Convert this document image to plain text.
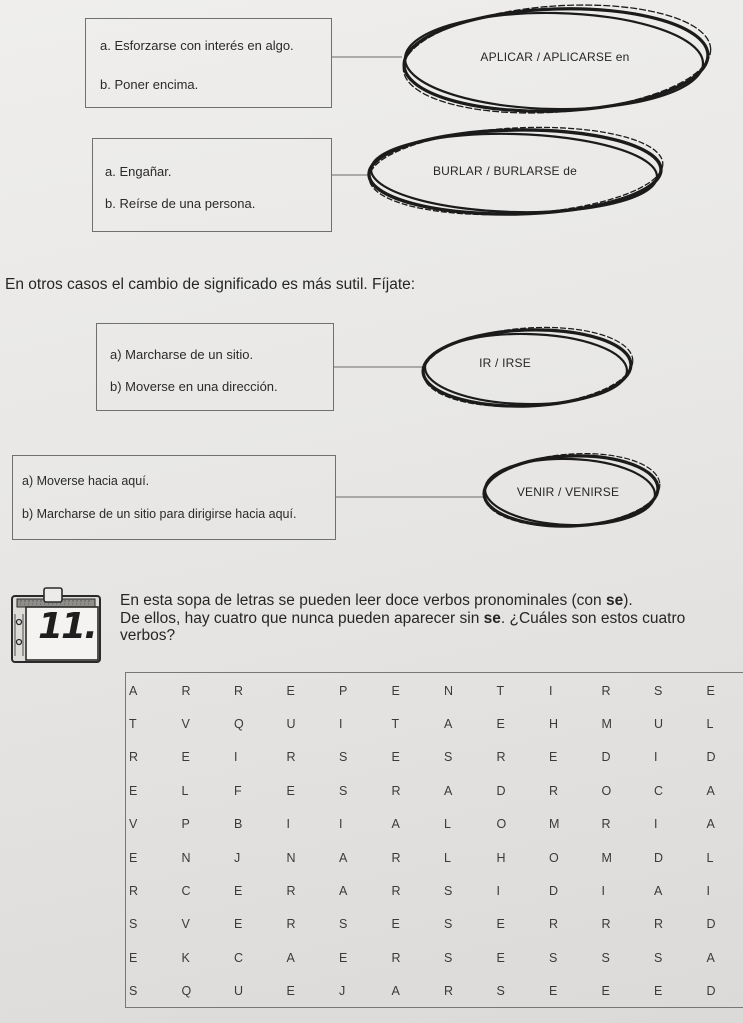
a. Esforzarse con interés en algo.
b. Poner encima.
APLICAR / APLICARSE en
a. Engañar.
b. Reírse de una persona.
BURLAR / BURLARSE de
En otros casos el cambio de significado es más sutil. Fíjate:
a) Marcharse de un sitio.
b) Moverse en una dirección.
IR / IRSE
a) Moverse hacia aquí.
b) Marcharse de un sitio para dirigirse hacia aquí.
VENIR / VENIRSE
11.
En esta sopa de letras se pueden leer doce verbos pronominales (con se).
De ellos, hay cuatro que nunca pueden aparecer sin se. ¿Cuáles son estos cuatro
verbos?
A	R	R	E	P	E	N	T	I	R	S	E
T	V	Q	U	I	T	A	E	H	M	U	L
R	E	I	R	S	E	S	R	E	D	I	D
E	L	F	E	S	R	A	D	R	O	C	A
V	P	B	I	I	A	L	O	M	R	I	A
E	N	J	N	A	R	L	H	O	M	D	L
R	C	E	R	A	R	S	I	D	I	A	I
S	V	E	R	S	E	S	E	R	R	R	D
E	K	C	A	E	R	S	E	S	S	S	A
S	Q	U	E	J	A	R	S	E	E	E	D
